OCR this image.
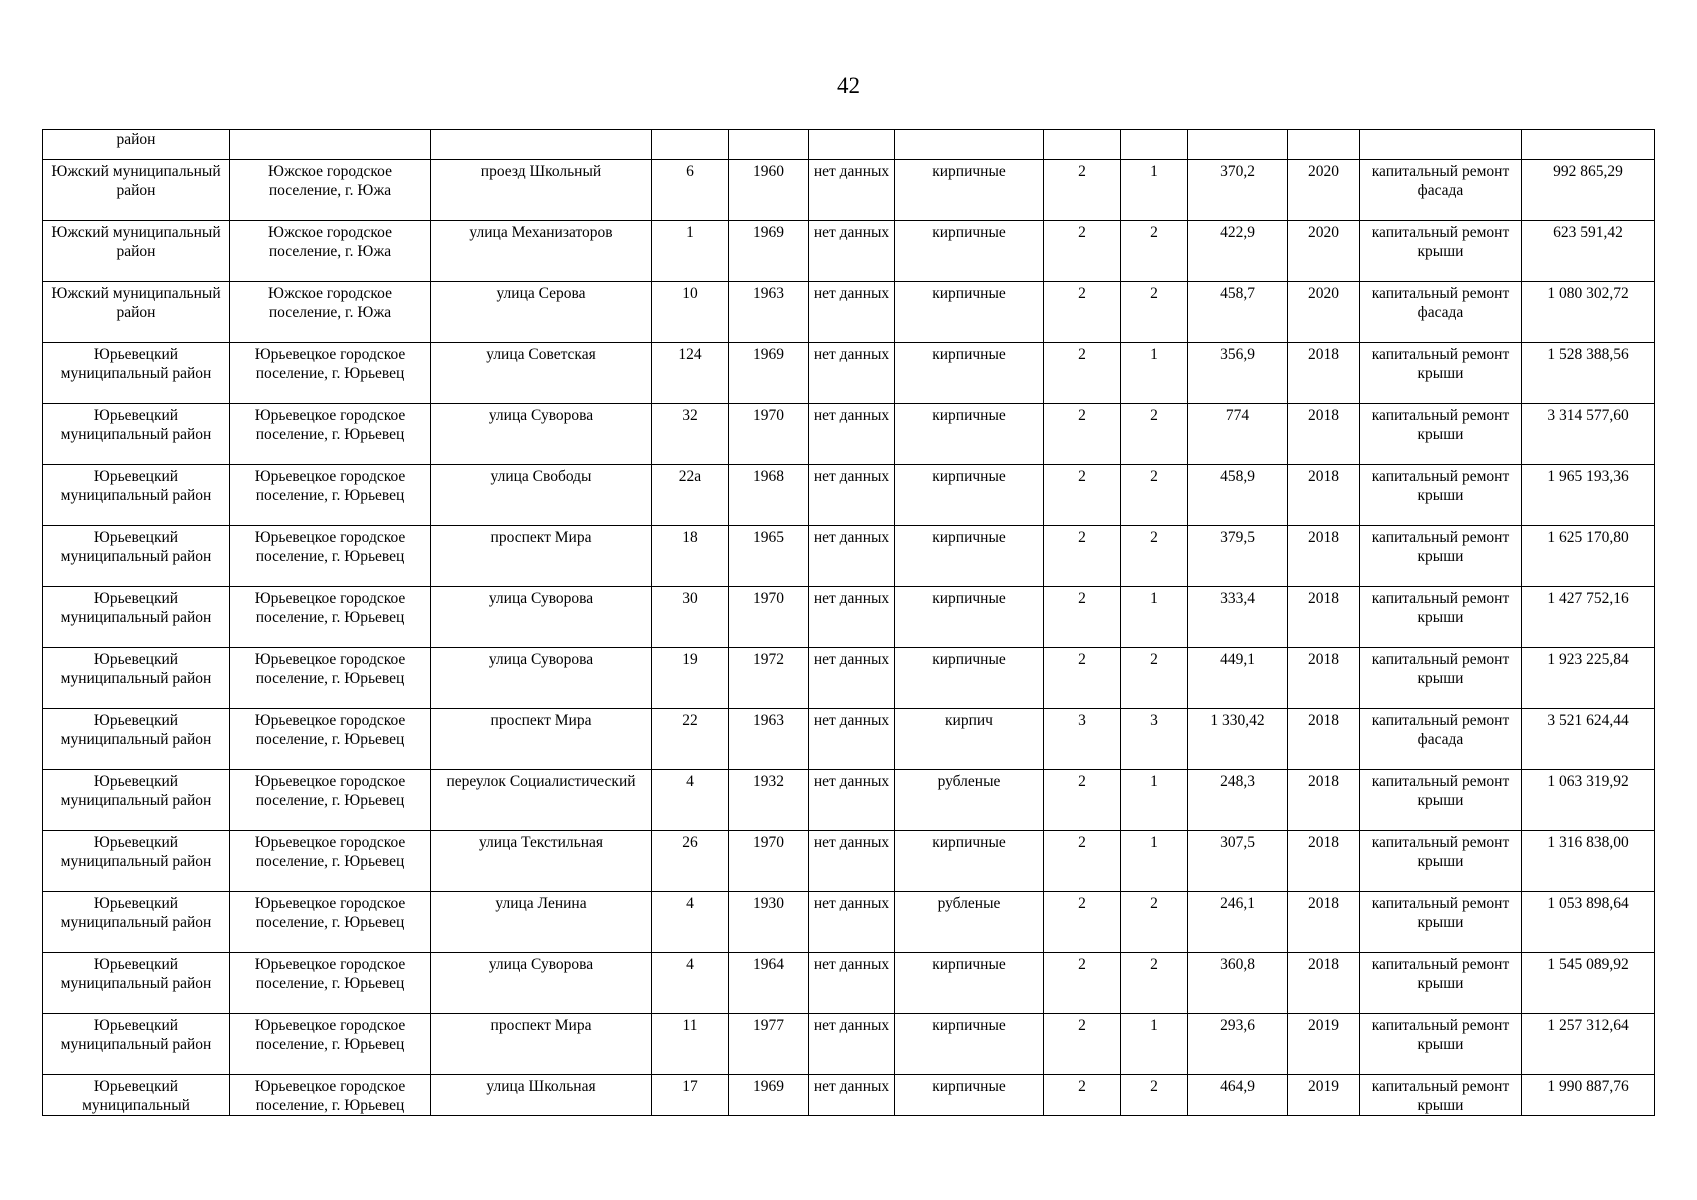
42
район												

Южский муниципальный район	Южское городское поселение, г. Южа	проезд Школьный	6	1960	нет данных	кирпичные	2	1	370,2	2020	капитальный ремонт фасада	992 865,29

Южский муниципальный район	Южское городское поселение, г. Южа	улица Механизаторов	1	1969	нет данных	кирпичные	2	2	422,9	2020	капитальный ремонт крыши	623 591,42

Южский муниципальный район	Южское городское поселение, г. Южа	улица Серова	10	1963	нет данных	кирпичные	2	2	458,7	2020	капитальный ремонт фасада	1 080 302,72

Юрьевецкий муниципальный район	Юрьевецкое городское поселение, г. Юрьевец	улица Советская	124	1969	нет данных	кирпичные	2	1	356,9	2018	капитальный ремонт крыши	1 528 388,56

Юрьевецкий муниципальный район	Юрьевецкое городское поселение, г. Юрьевец	улица Суворова	32	1970	нет данных	кирпичные	2	2	774	2018	капитальный ремонт крыши	3 314 577,60

Юрьевецкий муниципальный район	Юрьевецкое городское поселение, г. Юрьевец	улица Свободы	22а	1968	нет данных	кирпичные	2	2	458,9	2018	капитальный ремонт крыши	1 965 193,36

Юрьевецкий муниципальный район	Юрьевецкое городское поселение, г. Юрьевец	проспект Мира	18	1965	нет данных	кирпичные	2	2	379,5	2018	капитальный ремонт крыши	1 625 170,80

Юрьевецкий муниципальный район	Юрьевецкое городское поселение, г. Юрьевец	улица Суворова	30	1970	нет данных	кирпичные	2	1	333,4	2018	капитальный ремонт крыши	1 427 752,16

Юрьевецкий муниципальный район	Юрьевецкое городское поселение, г. Юрьевец	улица Суворова	19	1972	нет данных	кирпичные	2	2	449,1	2018	капитальный ремонт крыши	1 923 225,84

Юрьевецкий муниципальный район	Юрьевецкое городское поселение, г. Юрьевец	проспект Мира	22	1963	нет данных	кирпич	3	3	1 330,42	2018	капитальный ремонт фасада	3 521 624,44

Юрьевецкий муниципальный район	Юрьевецкое городское поселение, г. Юрьевец	переулок Социалистический	4	1932	нет данных	рубленые	2	1	248,3	2018	капитальный ремонт крыши	1 063 319,92

Юрьевецкий муниципальный район	Юрьевецкое городское поселение, г. Юрьевец	улица Текстильная	26	1970	нет данных	кирпичные	2	1	307,5	2018	капитальный ремонт крыши	1 316 838,00

Юрьевецкий муниципальный район	Юрьевецкое городское поселение, г. Юрьевец	улица Ленина	4	1930	нет данных	рубленые	2	2	246,1	2018	капитальный ремонт крыши	1 053 898,64

Юрьевецкий муниципальный район	Юрьевецкое городское поселение, г. Юрьевец	улица Суворова	4	1964	нет данных	кирпичные	2	2	360,8	2018	капитальный ремонт крыши	1 545 089,92

Юрьевецкий муниципальный район	Юрьевецкое городское поселение, г. Юрьевец	проспект Мира	11	1977	нет данных	кирпичные	2	1	293,6	2019	капитальный ремонт крыши	1 257 312,64

Юрьевецкий муниципальный	Юрьевецкое городское поселение, г. Юрьевец	улица Школьная	17	1969	нет данных	кирпичные	2	2	464,9	2019	капитальный ремонт крыши	1 990 887,76
